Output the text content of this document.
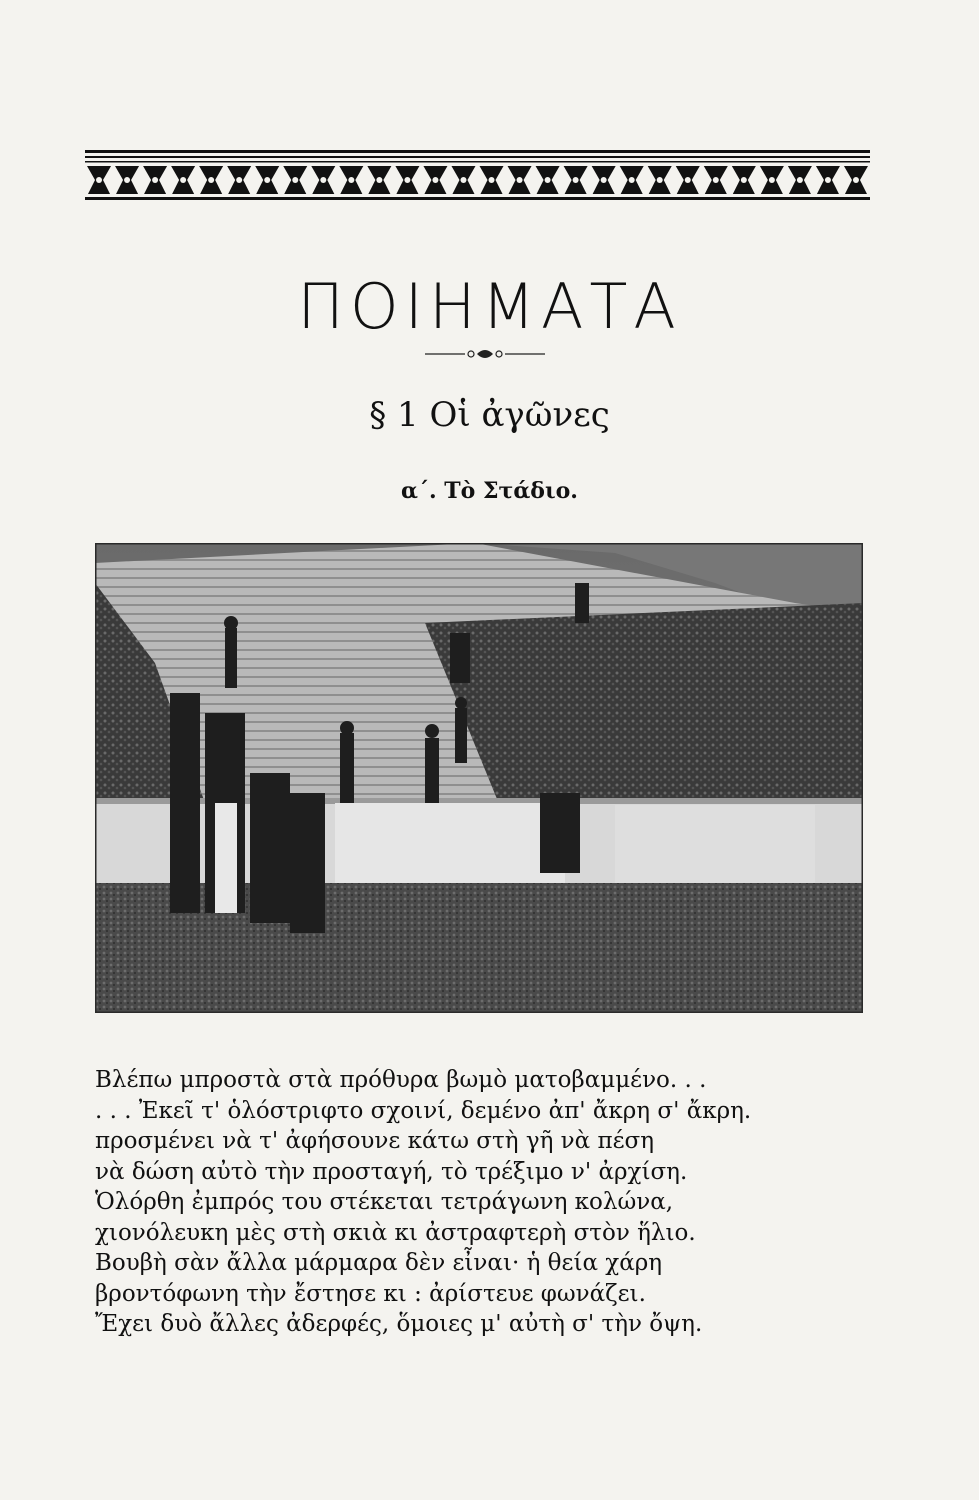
ΠΟΙΗΜΑΤΑ
§ 1 Οἱ ἀγῶνες
α΄. Τὸ Στάδιο.
Βλέπω μπροστὰ στὰ πρόθυρα βωμὸ ματοβαμμένο. . .
. . . Ἐκεῖ τ' ὁλόστριφτο σχοινί, δεμένο ἀπ' ἄκρη σ' ἄκρη.
προσμένει νὰ τ' ἀφήσουνε κάτω στὴ γῆ νὰ πέση
νὰ δώση αὐτὸ τὴν προσταγή, τὸ τρέξιμο ν' ἀρχίση.
Ὁλόρθη ἐμπρός του στέκεται τετράγωνη κολώνα,
χιονόλευκη μὲς στὴ σκιὰ κι ἀστραφτερὴ στὸν ἥλιο.
Βουβὴ σὰν ἄλλα μάρμαρα δὲν εἶναι· ἡ θεία χάρη
βροντόφωνη τὴν ἔστησε κι : ἀρίστευε φωνάζει.
Ἔχει δυὸ ἄλλες ἀδερφές, ὅμοιες μ' αὐτὴ σ' τὴν ὄψη.
